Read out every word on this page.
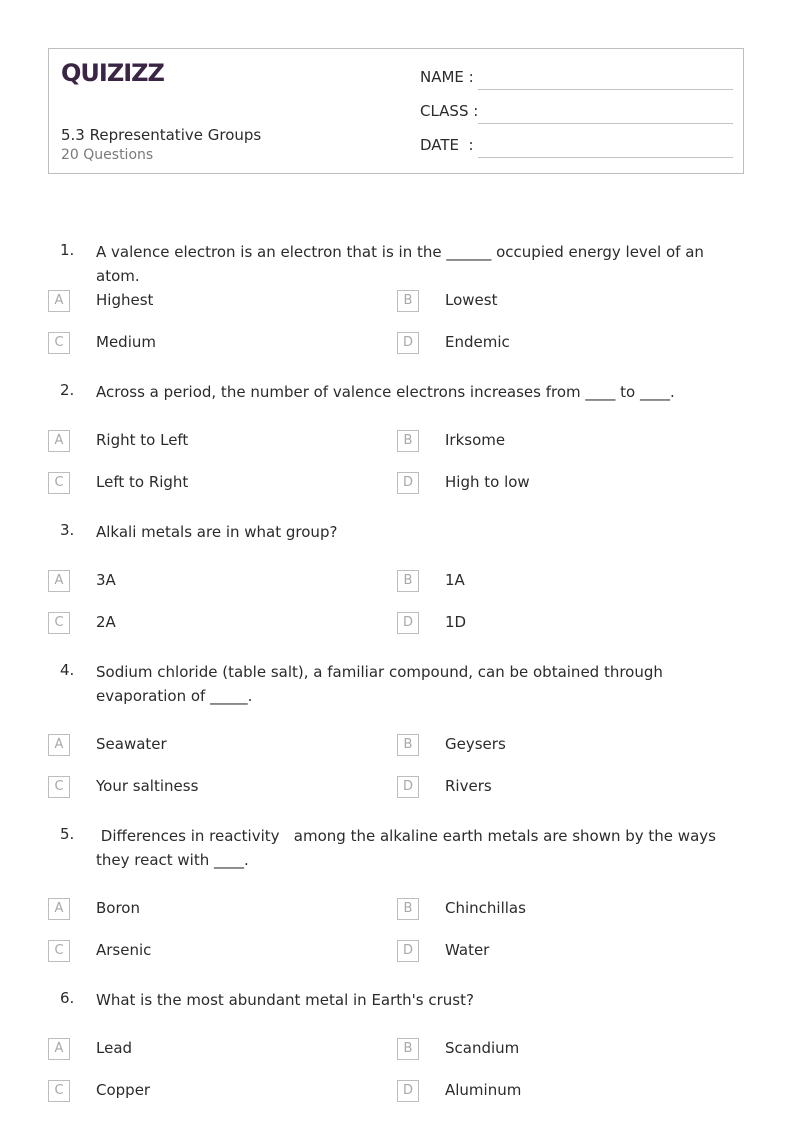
QUIZIZZ
5.3 Representative Groups
20 Questions
NAME :
CLASS :
DATE  :
1. A valence electron is an electron that is in the ______ occupied energy level of an atom.
A	Highest	B	Lowest
C	Medium	D	Endemic
2. Across a period, the number of valence electrons increases from ____ to ____.
A	Right to Left	B	Irksome
C	Left to Right	D	High to low
3. Alkali metals are in what group?
A	3A	B	1A
C	2A	D	1D
4. Sodium chloride (table salt), a familiar compound, can be obtained through evaporation of _____.
A	Seawater	B	Geysers
C	Your saltiness	D	Rivers
5. Differences in reactivity   among the alkaline earth metals are shown by the ways they react with ____.
A	Boron	B	Chinchillas
C	Arsenic	D	Water
6. What is the most abundant metal in Earth's crust?
A	Lead	B	Scandium
C	Copper	D	Aluminum
